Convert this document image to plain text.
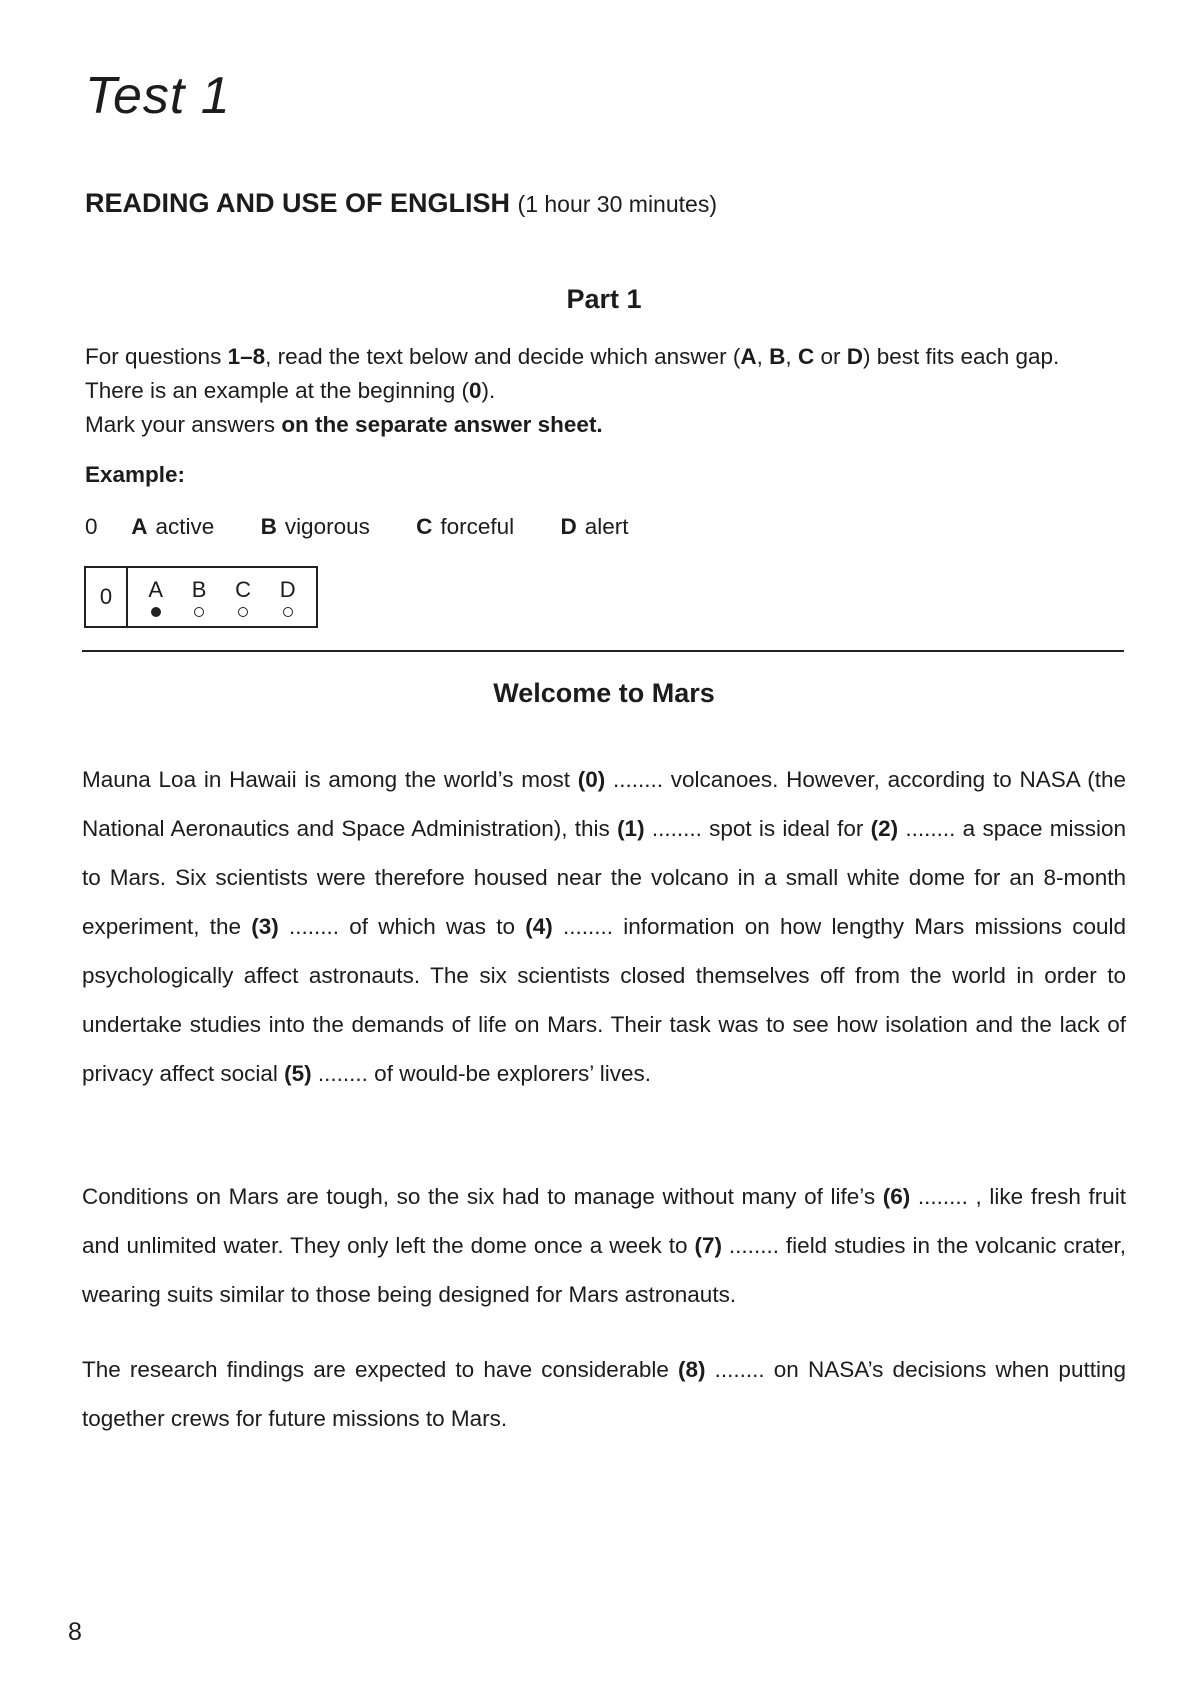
Test 1
READING AND USE OF ENGLISH (1 hour 30 minutes)
Part 1

For questions 1–8, read the text below and decide which answer (A, B, C or D) best fits each gap.

There is an example at the beginning (0).

Mark your answers on the separate answer sheet.

Example:
0 A active B vigorous C forceful D alert
0	A B C D
Welcome to Mars

Mauna Loa in Hawaii is among the world’s most (0) ........ volcanoes. However, according to NASA (the National Aeronautics and Space Administration), this (1) ........ spot is ideal for (2) ........ a space mission to Mars. Six scientists were therefore housed near the volcano in a small white dome for an 8-month experiment, the (3) ........ of which was to (4) ........ information on how lengthy Mars missions could psychologically affect astronauts. The six scientists closed themselves off from the world in order to undertake studies into the demands of life on Mars. Their task was to see how isolation and the lack of privacy affect social (5) ........ of would-be explorers’ lives.

Conditions on Mars are tough, so the six had to manage without many of life’s (6) ........ , like fresh fruit and unlimited water. They only left the dome once a week to (7) ........ field studies in the volcanic crater, wearing suits similar to those being designed for Mars astronauts.

The research findings are expected to have considerable (8) ........ on NASA’s decisions when putting together crews for future missions to Mars.

8
